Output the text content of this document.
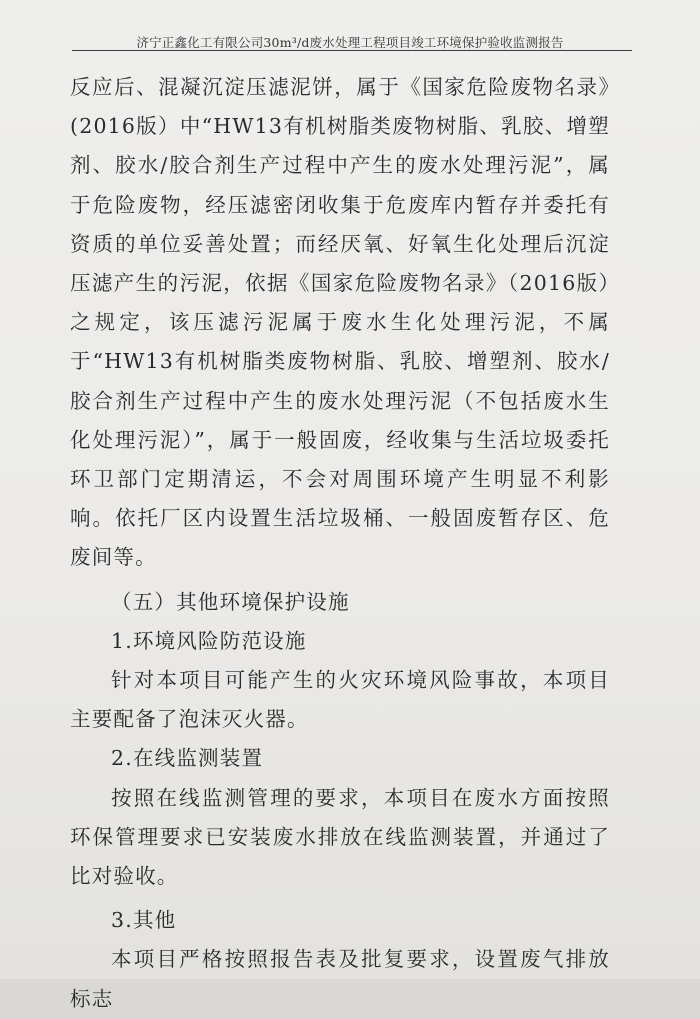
济宁正鑫化工有限公司30m³/d废水处理工程项目竣工环境保护验收监测报告

反应后、混凝沉淀压滤泥饼，属于《国家危险废物名录》(2016版）中“HW13有机树脂类废物树脂、乳胶、增塑剂、胶水/胶合剂生产过程中产生的废水处理污泥”，属于危险废物，经压滤密闭收集于危废库内暂存并委托有资质的单位妥善处置；而经厌氧、好氧生化处理后沉淀压滤产生的污泥，依据《国家危险废物名录》（2016版）之规定，该压滤污泥属于废水生化处理污泥，不属于“HW13有机树脂类废物树脂、乳胶、增塑剂、胶水/胶合剂生产过程中产生的废水处理污泥（不包括废水生化处理污泥）”，属于一般固废，经收集与生活垃圾委托环卫部门定期清运，不会对周围环境产生明显不利影响。依托厂区内设置生活垃圾桶、一般固废暂存区、危废间等。

（五）其他环境保护设施

1.环境风险防范设施

针对本项目可能产生的火灾环境风险事故，本项目主要配备了泡沫灭火器。

2.在线监测装置

按照在线监测管理的要求，本项目在废水方面按照环保管理要求已安装废水排放在线监测装置，并通过了比对验收。

3.其他

本项目严格按照报告表及批复要求，设置废气排放标志
